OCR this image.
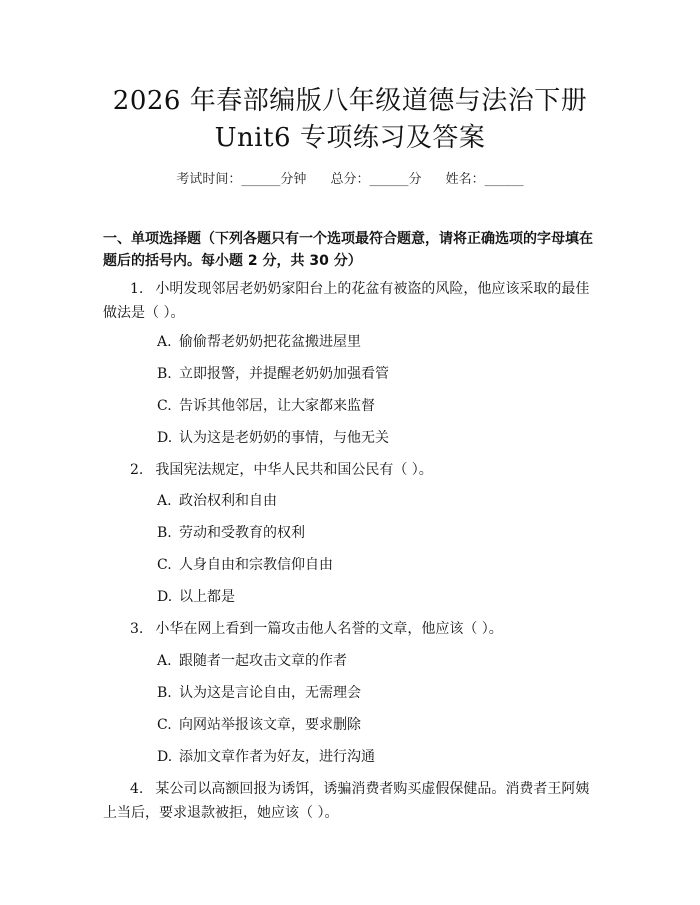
2026 年春部编版八年级道德与法治下册
Unit6 专项练习及答案
考试时间：______分钟 总分：______分 姓名：______
一、单项选择题（下列各题只有一个选项最符合题意，请将正确选项的字母填在题后的括号内。每小题 2 分，共 30 分）
1. 小明发现邻居老奶奶家阳台上的花盆有被盗的风险，他应该采取的最佳做法是（ ）。
A. 偷偷帮老奶奶把花盆搬进屋里
B. 立即报警，并提醒老奶奶加强看管
C. 告诉其他邻居，让大家都来监督
D. 认为这是老奶奶的事情，与他无关
2. 我国宪法规定，中华人民共和国公民有（ ）。
A. 政治权利和自由
B. 劳动和受教育的权利
C. 人身自由和宗教信仰自由
D. 以上都是
3. 小华在网上看到一篇攻击他人名誉的文章，他应该（ ）。
A. 跟随者一起攻击文章的作者
B. 认为这是言论自由，无需理会
C. 向网站举报该文章，要求删除
D. 添加文章作者为好友，进行沟通
4. 某公司以高额回报为诱饵，诱骗消费者购买虚假保健品。消费者王阿姨上当后，要求退款被拒，她应该（ ）。
